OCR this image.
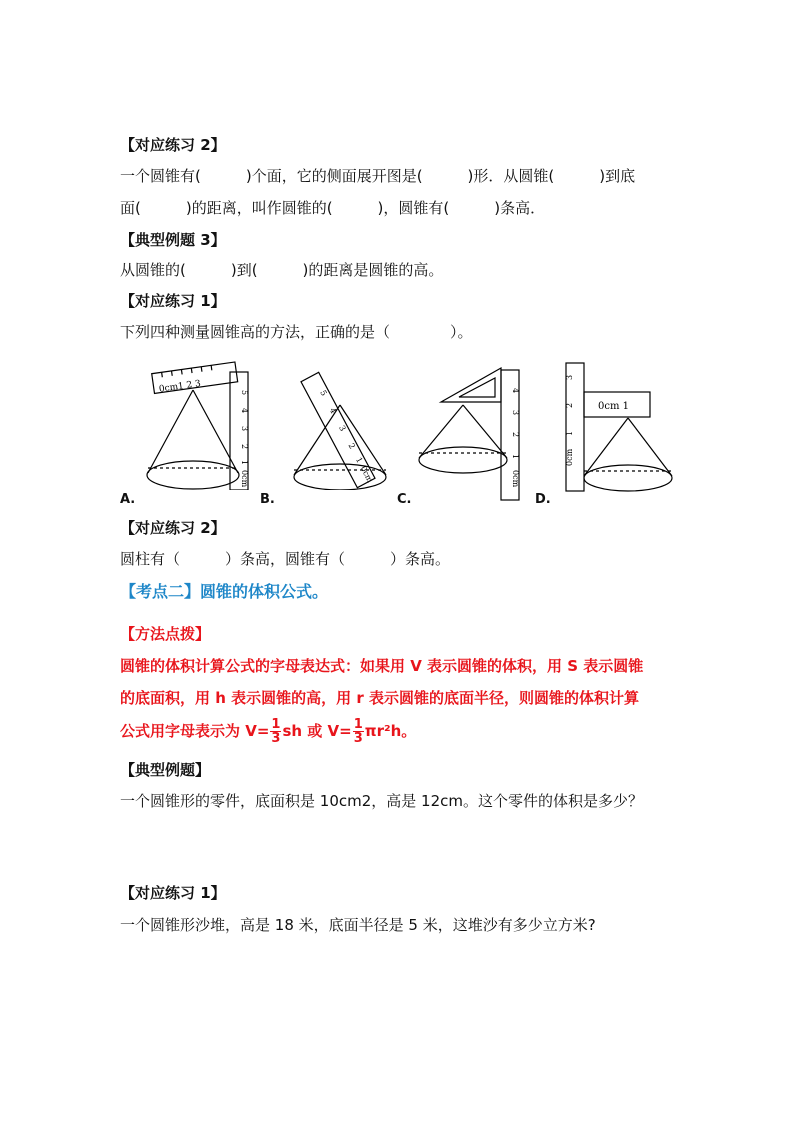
【对应练习 2】
一个圆锥有(　　　)个面，它的侧面展开图是(　　　)形．从圆锥(　　　)到底
面(　　　)的距离，叫作圆锥的(　　　)，圆锥有(　　　)条高．
【典型例题 3】
从圆锥的(　　　)到(　　　)的距离是圆锥的高。
【对应练习 1】
下列四种测量圆锥高的方法，正确的是（　　　　）。
0cm1 2 3	5
4
3
2
1
0cm
5
4
3
2
1
0cm
4
3
2
1
0cm
3
2
1
0cm
0cm 1
A.	B.	C.	D.
【对应练习 2】
圆柱有（　　　）条高，圆锥有（　　　）条高。
【考点二】圆锥的体积公式。
【方法点拨】
圆锥的体积计算公式的字母表达式：如果用 V 表示圆锥的体积，用 S 表示圆锥
的底面积，用 h 表示圆锥的高，用 r 表示圆锥的底面半径，则圆锥的体积计算
公式用字母表示为 $V= \frac{1}{3}$ sh 或 $V= \frac{1}{3} \pi r^2h$。
【典型例题】
一个圆锥形的零件，底面积是 10cm2，高是 12cm。这个零件的体积是多少？
【对应练习 1】
一个圆锥形沙堆，高是 18 米，底面半径是 5 米，这堆沙有多少立方米?
